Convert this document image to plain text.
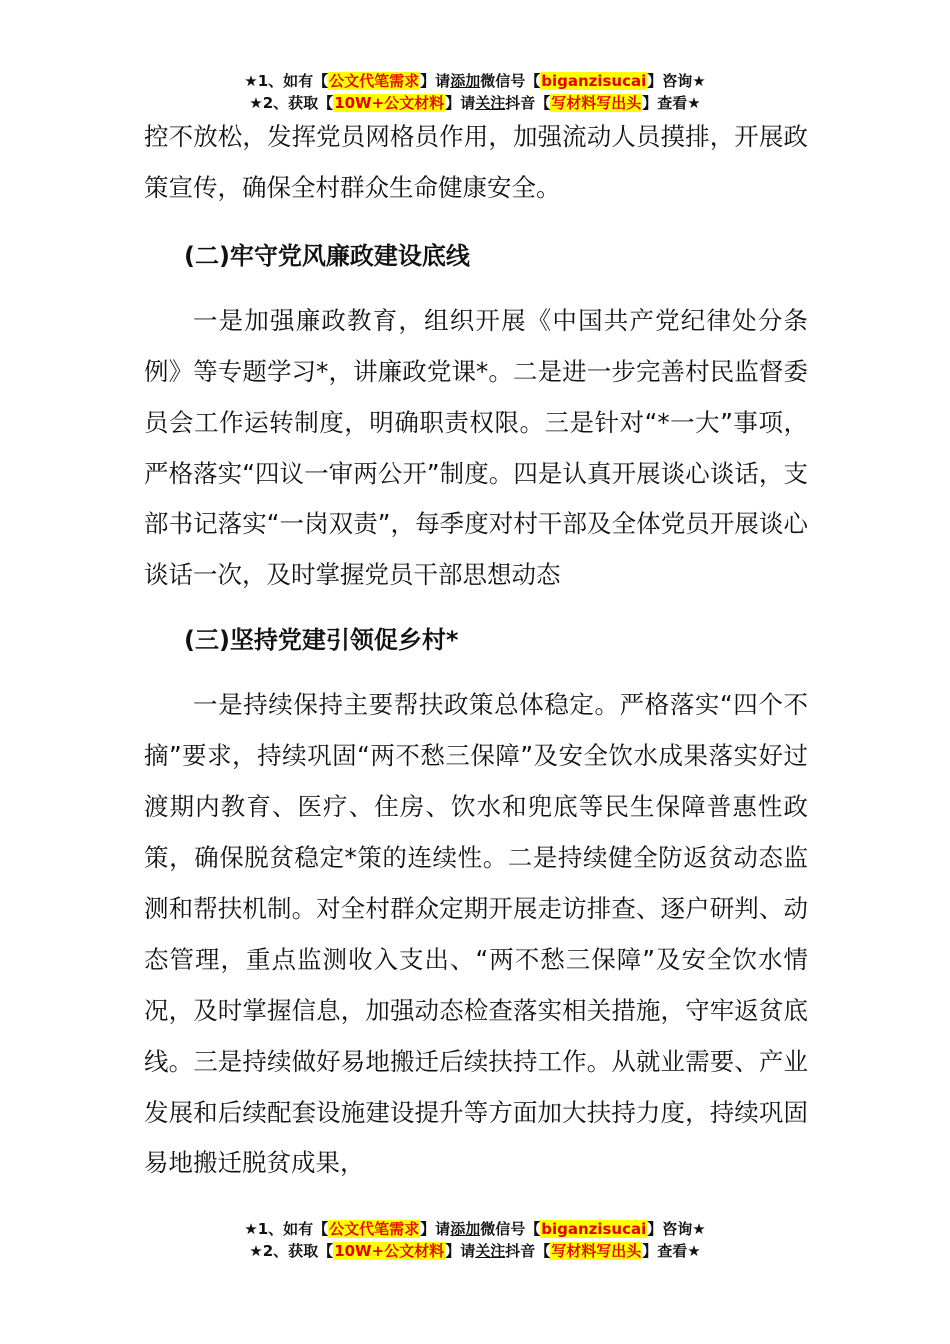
★1、如有【公文代笔需求】请添加微信号【biganzisucai】咨询★
★2、获取【10W+公文材料】请关注抖音【写材料写出头】查看★

控不放松，发挥党员网格员作用，加强流动人员摸排，开展政策宣传，确保全村群众生命健康安全。

(二)牢守党风廉政建设底线

一是加强廉政教育，组织开展《中国共产党纪律处分条例》等专题学习*，讲廉政党课*。二是进一步完善村民监督委员会工作运转制度，明确职责权限。三是针对“*一大”事项，严格落实“四议一审两公开”制度。四是认真开展谈心谈话，支部书记落实“一岗双责”，每季度对村干部及全体党员开展谈心谈话一次，及时掌握党员干部思想动态

(三)坚持党建引领促乡村*

一是持续保持主要帮扶政策总体稳定。严格落实“四个不摘”要求，持续巩固“两不愁三保障”及安全饮水成果落实好过渡期内教育、医疗、住房、饮水和兜底等民生保障普惠性政策，确保脱贫稳定*策的连续性。二是持续健全防返贫动态监测和帮扶机制。对全村群众定期开展走访排查、逐户研判、动态管理，重点监测收入支出、“两不愁三保障”及安全饮水情况，及时掌握信息，加强动态检查落实相关措施，守牢返贫底线。三是持续做好易地搬迁后续扶持工作。从就业需要、产业发展和后续配套设施建设提升等方面加大扶持力度，持续巩固易地搬迁脱贫成果，

★1、如有【公文代笔需求】请添加微信号【biganzisucai】咨询★
★2、获取【10W+公文材料】请关注抖音【写材料写出头】查看★
